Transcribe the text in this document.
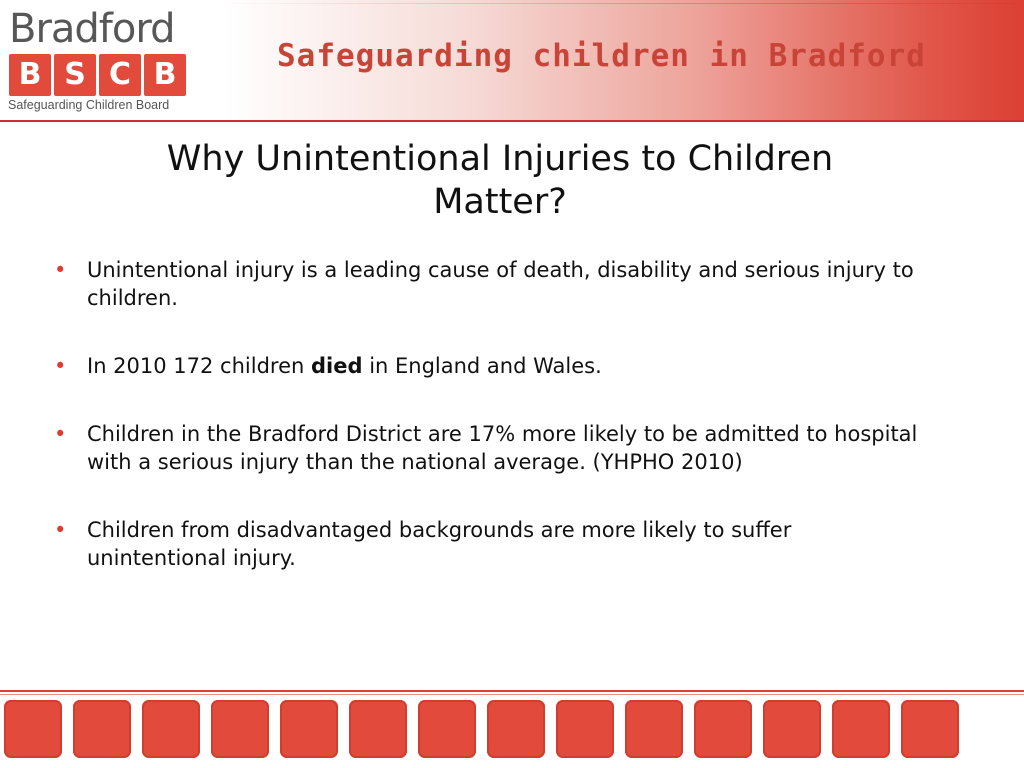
Bradford
B S C B
Safeguarding Children Board
Safeguarding children in Bradford
Why Unintentional Injuries to Children
Matter?
• Unintentional injury is a leading cause of death, disability and serious injury to children.
• In 2010 172 children died in England and Wales.
• Children in the Bradford District are 17% more likely to be admitted to hospital with a serious injury than the national average. (YHPHO 2010)
• Children from disadvantaged backgrounds are more likely to suffer unintentional injury.
